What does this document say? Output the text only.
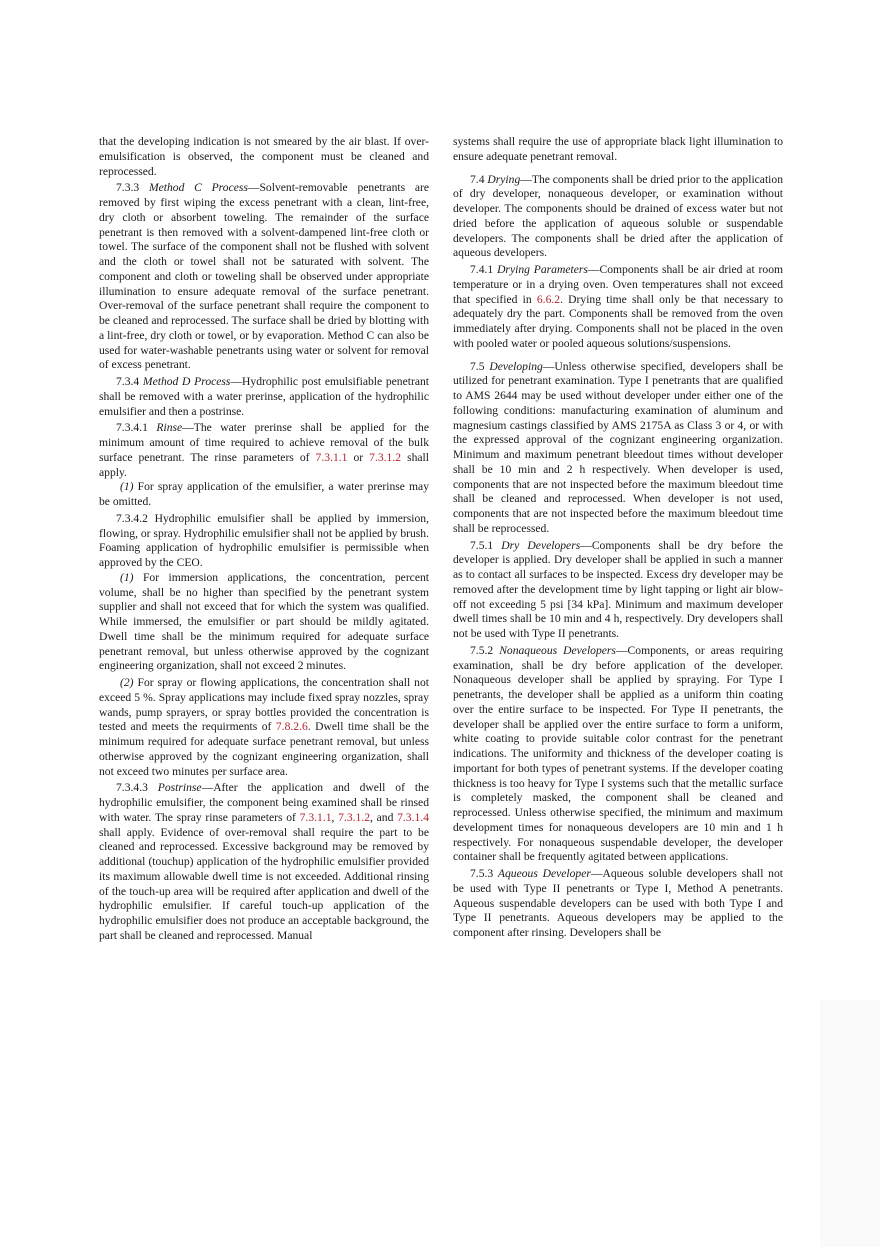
that the developing indication is not smeared by the air blast. If over-emulsification is observed, the component must be cleaned and reprocessed.

7.3.3 Method C Process—Solvent-removable penetrants are removed by first wiping the excess penetrant with a clean, lint-free, dry cloth or absorbent toweling. The remainder of the surface penetrant is then removed with a solvent-dampened lint-free cloth or towel. The surface of the component shall not be flushed with solvent and the cloth or towel shall not be saturated with solvent. The component and cloth or toweling shall be observed under appropriate illumination to ensure adequate removal of the surface penetrant. Over-removal of the surface penetrant shall require the component to be cleaned and reprocessed. The surface shall be dried by blotting with a lint-free, dry cloth or towel, or by evaporation. Method C can also be used for water-washable penetrants using water or solvent for removal of excess penetrant.

7.3.4 Method D Process—Hydrophilic post emulsifiable penetrant shall be removed with a water prerinse, application of the hydrophilic emulsifier and then a postrinse.

7.3.4.1 Rinse—The water prerinse shall be applied for the minimum amount of time required to achieve removal of the bulk surface penetrant. The rinse parameters of 7.3.1.1 or 7.3.1.2 shall apply.

(1) For spray application of the emulsifier, a water prerinse may be omitted.

7.3.4.2 Hydrophilic emulsifier shall be applied by immersion, flowing, or spray. Hydrophilic emulsifier shall not be applied by brush. Foaming application of hydrophilic emulsifier is permissible when approved by the CEO.

(1) For immersion applications, the concentration, percent volume, shall be no higher than specified by the penetrant system supplier and shall not exceed that for which the system was qualified. While immersed, the emulsifier or part should be mildly agitated. Dwell time shall be the minimum required for adequate surface penetrant removal, but unless otherwise approved by the cognizant engineering organization, shall not exceed 2 minutes.

(2) For spray or flowing applications, the concentration shall not exceed 5 %. Spray applications may include fixed spray nozzles, spray wands, pump sprayers, or spray bottles provided the concentration is tested and meets the requirments of 7.8.2.6. Dwell time shall be the minimum required for adequate surface penetrant removal, but unless otherwise approved by the cognizant engineering organization, shall not exceed two minutes per surface area.

7.3.4.3 Postrinse—After the application and dwell of the hydrophilic emulsifier, the component being examined shall be rinsed with water. The spray rinse parameters of 7.3.1.1, 7.3.1.2, and 7.3.1.4 shall apply. Evidence of over-removal shall require the part to be cleaned and reprocessed. Excessive background may be removed by additional (touchup) application of the hydrophilic emulsifier provided its maximum allowable dwell time is not exceeded. Additional rinsing of the touch-up area will be required after application and dwell of the hydrophilic emulsifier. If careful touch-up application of the hydrophilic emulsifier does not produce an acceptable background, the part shall be cleaned and reprocessed. Manual

systems shall require the use of appropriate black light illumination to ensure adequate penetrant removal.

7.4 Drying—The components shall be dried prior to the application of dry developer, nonaqueous developer, or examination without developer. The components should be drained of excess water but not dried before the application of aqueous soluble or suspendable developers. The components shall be dried after the application of aqueous developers.

7.4.1 Drying Parameters—Components shall be air dried at room temperature or in a drying oven. Oven temperatures shall not exceed that specified in 6.6.2. Drying time shall only be that necessary to adequately dry the part. Components shall be removed from the oven immediately after drying. Components shall not be placed in the oven with pooled water or pooled aqueous solutions/suspensions.

7.5 Developing—Unless otherwise specified, developers shall be utilized for penetrant examination. Type I penetrants that are qualified to AMS 2644 may be used without developer under either one of the following conditions: manufacturing examination of aluminum and magnesium castings classified by AMS 2175A as Class 3 or 4, or with the expressed approval of the cognizant engineering organization. Minimum and maximum penetrant bleedout times without developer shall be 10 min and 2 h respectively. When developer is used, components that are not inspected before the maximum bleedout time shall be cleaned and reprocessed. When developer is not used, components that are not inspected before the maximum bleedout time shall be reprocessed.

7.5.1 Dry Developers—Components shall be dry before the developer is applied. Dry developer shall be applied in such a manner as to contact all surfaces to be inspected. Excess dry developer may be removed after the development time by light tapping or light air blow-off not exceeding 5 psi [34 kPa]. Minimum and maximum developer dwell times shall be 10 min and 4 h, respectively. Dry developers shall not be used with Type II penetrants.

7.5.2 Nonaqueous Developers—Components, or areas requiring examination, shall be dry before application of the developer. Nonaqueous developer shall be applied by spraying. For Type I penetrants, the developer shall be applied as a uniform thin coating over the entire surface to be inspected. For Type II penetrants, the developer shall be applied over the entire surface to form a uniform, white coating to provide suitable color contrast for the penetrant indications. The uniformity and thickness of the developer coating is important for both types of penetrant systems. If the developer coating thickness is too heavy for Type I systems such that the metallic surface is completely masked, the component shall be cleaned and reprocessed. Unless otherwise specified, the minimum and maximum development times for nonaqueous developers are 10 min and 1 h respectively. For nonaqueous suspendable developer, the developer container shall be frequently agitated between applications.

7.5.3 Aqueous Developer—Aqueous soluble developers shall not be used with Type II penetrants or Type I, Method A penetrants. Aqueous suspendable developers can be used with both Type I and Type II penetrants. Aqueous developers may be applied to the component after rinsing. Developers shall be
